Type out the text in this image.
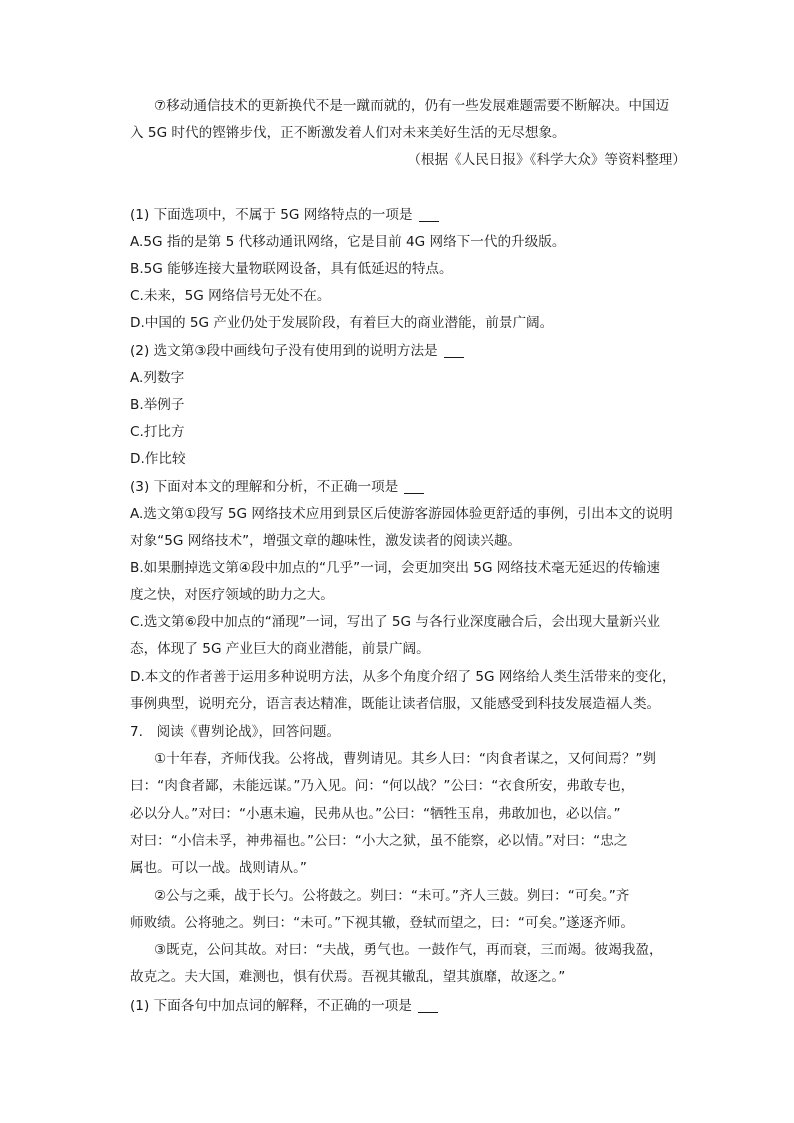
⑦移动通信技术的更新换代不是一蹴而就的，仍有一些发展难题需要不断解决。中国迈
入 5G 时代的铿锵步伐，正不断激发着人们对未来美好生活的无尽想象。
（根据《人民日报》《科学大众》等资料整理）
(1) 下面选项中，不属于 5G 网络特点的一项是
A.5G 指的是第 5 代移动通讯网络，它是目前 4G 网络下一代的升级版。
B.5G 能够连接大量物联网设备，具有低延迟的特点。
C.未来，5G 网络信号无处不在。
D.中国的 5G 产业仍处于发展阶段，有着巨大的商业潜能，前景广阔。
(2) 选文第③段中画线句子没有使用到的说明方法是
A.列数字
B.举例子
C.打比方
D.作比较
(3) 下面对本文的理解和分析，不正确一项是
A.选文第①段写 5G 网络技术应用到景区后使游客游园体验更舒适的事例，引出本文的说明
对象“5G 网络技术”，增强文章的趣味性，激发读者的阅读兴趣。
B.如果删掉选文第④段中加点的“几乎”一词，会更加突出 5G 网络技术毫无延迟的传输速
度之快，对医疗领域的助力之大。
C.选文第⑥段中加点的“涌现”一词，写出了 5G 与各行业深度融合后，会出现大量新兴业
态，体现了 5G 产业巨大的商业潜能，前景广阔。
D.本文的作者善于运用多种说明方法，从多个角度介绍了 5G 网络给人类生活带来的变化，
事例典型，说明充分，语言表达精准，既能让读者信服，又能感受到科技发展造福人类。
7.　阅读《曹刿论战》，回答问题。
①十年春，齐师伐我。公将战，曹刿请见。其乡人曰：“肉食者谋之，又何间焉？”刿
曰：“肉食者鄙，未能远谋。”乃入见。问：“何以战？”公曰：“衣食所安，弗敢专也，
必以分人。”对曰：“小惠未遍，民弗从也。”公曰：“牺牲玉帛，弗敢加也，必以信。”
对曰：“小信未孚，神弗福也。”公曰：“小大之狱，虽不能察，必以情。”对曰：“忠之
属也。可以一战。战则请从。”
②公与之乘，战于长勺。公将鼓之。刿曰：“未可。”齐人三鼓。刿曰：“可矣。”齐
师败绩。公将驰之。刿曰：“未可。”下视其辙，登轼而望之，曰：“可矣。”遂逐齐师。
③既克，公问其故。对曰：“夫战，勇气也。一鼓作气，再而衰，三而竭。彼竭我盈，
故克之。夫大国，难测也，惧有伏焉。吾视其辙乱，望其旗靡，故逐之。”
(1) 下面各句中加点词的解释，不正确的一项是
